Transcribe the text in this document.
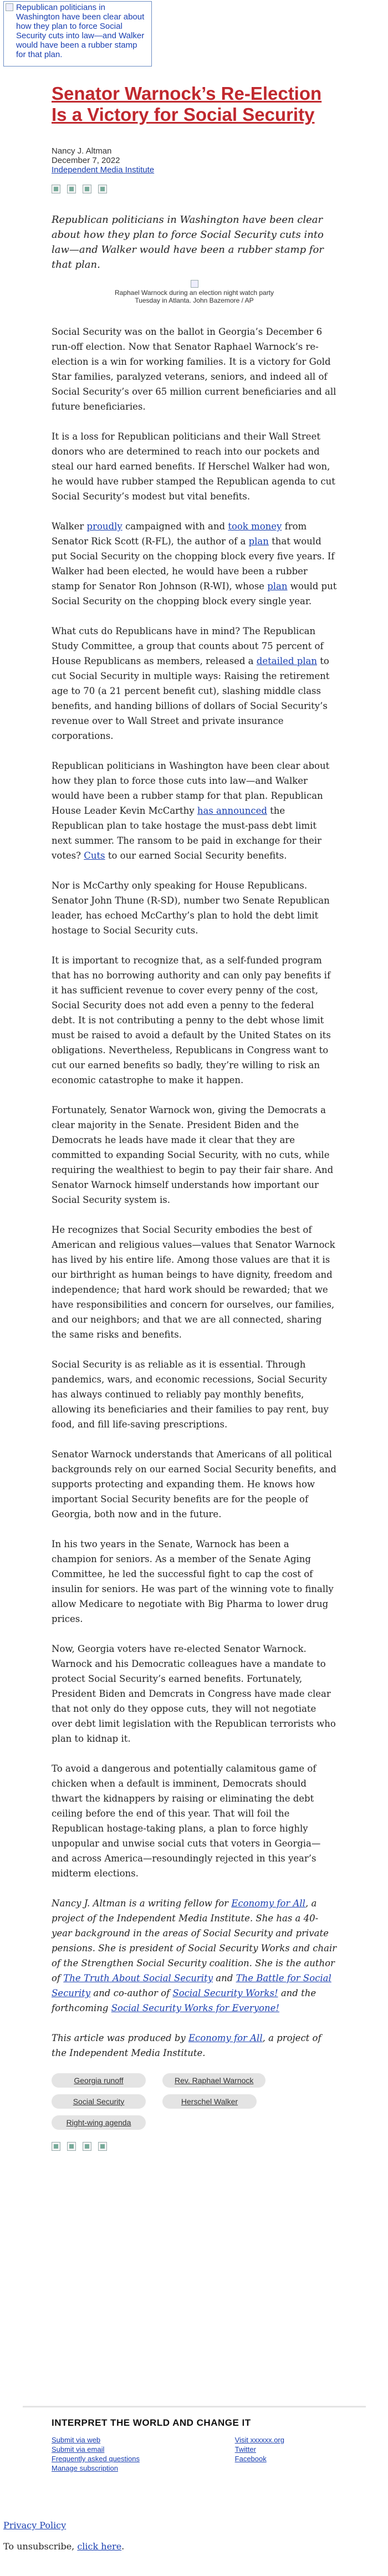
Republican politicians in Washington have been clear about how they plan to force Social Security cuts into law—and Walker would have been a rubber stamp for that plan.
Senator Warnock’s Re-Election Is a Victory for Social Security
Nancy J. Altman
December 7, 2022
Independent Media Institute

Republican politicians in Washington have been clear about how they plan to force Social Security cuts into law—and Walker would have been a rubber stamp for that plan.

Raphael Warnock during an election night watch party Tuesday in Atlanta. John Bazemore / AP

Social Security was on the ballot in Georgia’s December 6 run-off election. Now that Senator Raphael Warnock’s re-election is a win for working families. It is a victory for Gold Star families, paralyzed veterans, seniors, and indeed all of Social Security’s over 65 million current beneficiaries and all future beneficiaries.

It is a loss for Republican politicians and their Wall Street donors who are determined to reach into our pockets and steal our hard earned benefits. If Herschel Walker had won, he would have rubber stamped the Republican agenda to cut Social Security’s modest but vital benefits.

Walker proudly campaigned with and took money from Senator Rick Scott (R-FL), the author of a plan that would put Social Security on the chopping block every five years. If Walker had been elected, he would have been a rubber stamp for Senator Ron Johnson (R-WI), whose plan would put Social Security on the chopping block every single year.

What cuts do Republicans have in mind? The Republican Study Committee, a group that counts about 75 percent of House Republicans as members, released a detailed plan to cut Social Security in multiple ways: Raising the retirement age to 70 (a 21 percent benefit cut), slashing middle class benefits, and handing billions of dollars of Social Security’s revenue over to Wall Street and private insurance corporations.

Republican politicians in Washington have been clear about how they plan to force those cuts into law—and Walker would have been a rubber stamp for that plan. Republican House Leader Kevin McCarthy has announced the Republican plan to take hostage the must-pass debt limit next summer. The ransom to be paid in exchange for their votes? Cuts to our earned Social Security benefits.

Nor is McCarthy only speaking for House Republicans. Senator John Thune (R-SD), number two Senate Republican leader, has echoed McCarthy’s plan to hold the debt limit hostage to Social Security cuts.

It is important to recognize that, as a self-funded program that has no borrowing authority and can only pay benefits if it has sufficient revenue to cover every penny of the cost, Social Security does not add even a penny to the federal debt. It is not contributing a penny to the debt whose limit must be raised to avoid a default by the United States on its obligations. Nevertheless, Republicans in Congress want to cut our earned benefits so badly, they’re willing to risk an economic catastrophe to make it happen.

Fortunately, Senator Warnock won, giving the Democrats a clear majority in the Senate. President Biden and the Democrats he leads have made it clear that they are committed to expanding Social Security, with no cuts, while requiring the wealthiest to begin to pay their fair share. And Senator Warnock himself understands how important our Social Security system is.

He recognizes that Social Security embodies the best of American and religious values—values that Senator Warnock has lived by his entire life. Among those values are that it is our birthright as human beings to have dignity, freedom and independence; that hard work should be rewarded; that we have responsibilities and concern for ourselves, our families, and our neighbors; and that we are all connected, sharing the same risks and benefits.

Social Security is as reliable as it is essential. Through pandemics, wars, and economic recessions, Social Security has always continued to reliably pay monthly benefits, allowing its beneficiaries and their families to pay rent, buy food, and fill life-saving prescriptions.

Senator Warnock understands that Americans of all political backgrounds rely on our earned Social Security benefits, and supports protecting and expanding them. He knows how important Social Security benefits are for the people of Georgia, both now and in the future.

In his two years in the Senate, Warnock has been a champion for seniors. As a member of the Senate Aging Committee, he led the successful fight to cap the cost of insulin for seniors. He was part of the winning vote to finally allow Medicare to negotiate with Big Pharma to lower drug prices.

Now, Georgia voters have re-elected Senator Warnock. Warnock and his Democratic colleagues have a mandate to protect Social Security’s earned benefits. Fortunately, President Biden and Demcrats in Congress have made clear that not only do they oppose cuts, they will not negotiate over debt limit legislation with the Republican terrorists who plan to kidnap it.

To avoid a dangerous and potentially calamitous game of chicken when a default is imminent, Democrats should thwart the kidnappers by raising or eliminating the debt ceiling before the end of this year. That will foil the Republican hostage-taking plans, a plan to force highly unpopular and unwise social cuts that voters in Georgia—and across America—resoundingly rejected in this year’s midterm elections.

Nancy J. Altman is a writing fellow for Economy for All, a project of the Independent Media Institute. She has a 40-year background in the areas of Social Security and private pensions. She is president of Social Security Works and chair of the Strengthen Social Security coalition. She is the author of The Truth About Social Security and The Battle for Social Security and co-author of Social Security Works! and the forthcoming Social Security Works for Everyone!

This article was produced by Economy for All, a project of the Independent Media Institute.

Georgia runoff	Rev. Raphael Warnock
Social Security	Herschel Walker
Right-wing agenda
INTERPRET THE WORLD AND CHANGE IT
Submit via web
Submit via email
Frequently asked questions
Manage subscription
Visit xxxxxx.org
Twitter
Facebook
Privacy Policy
To unsubscribe, click here.
